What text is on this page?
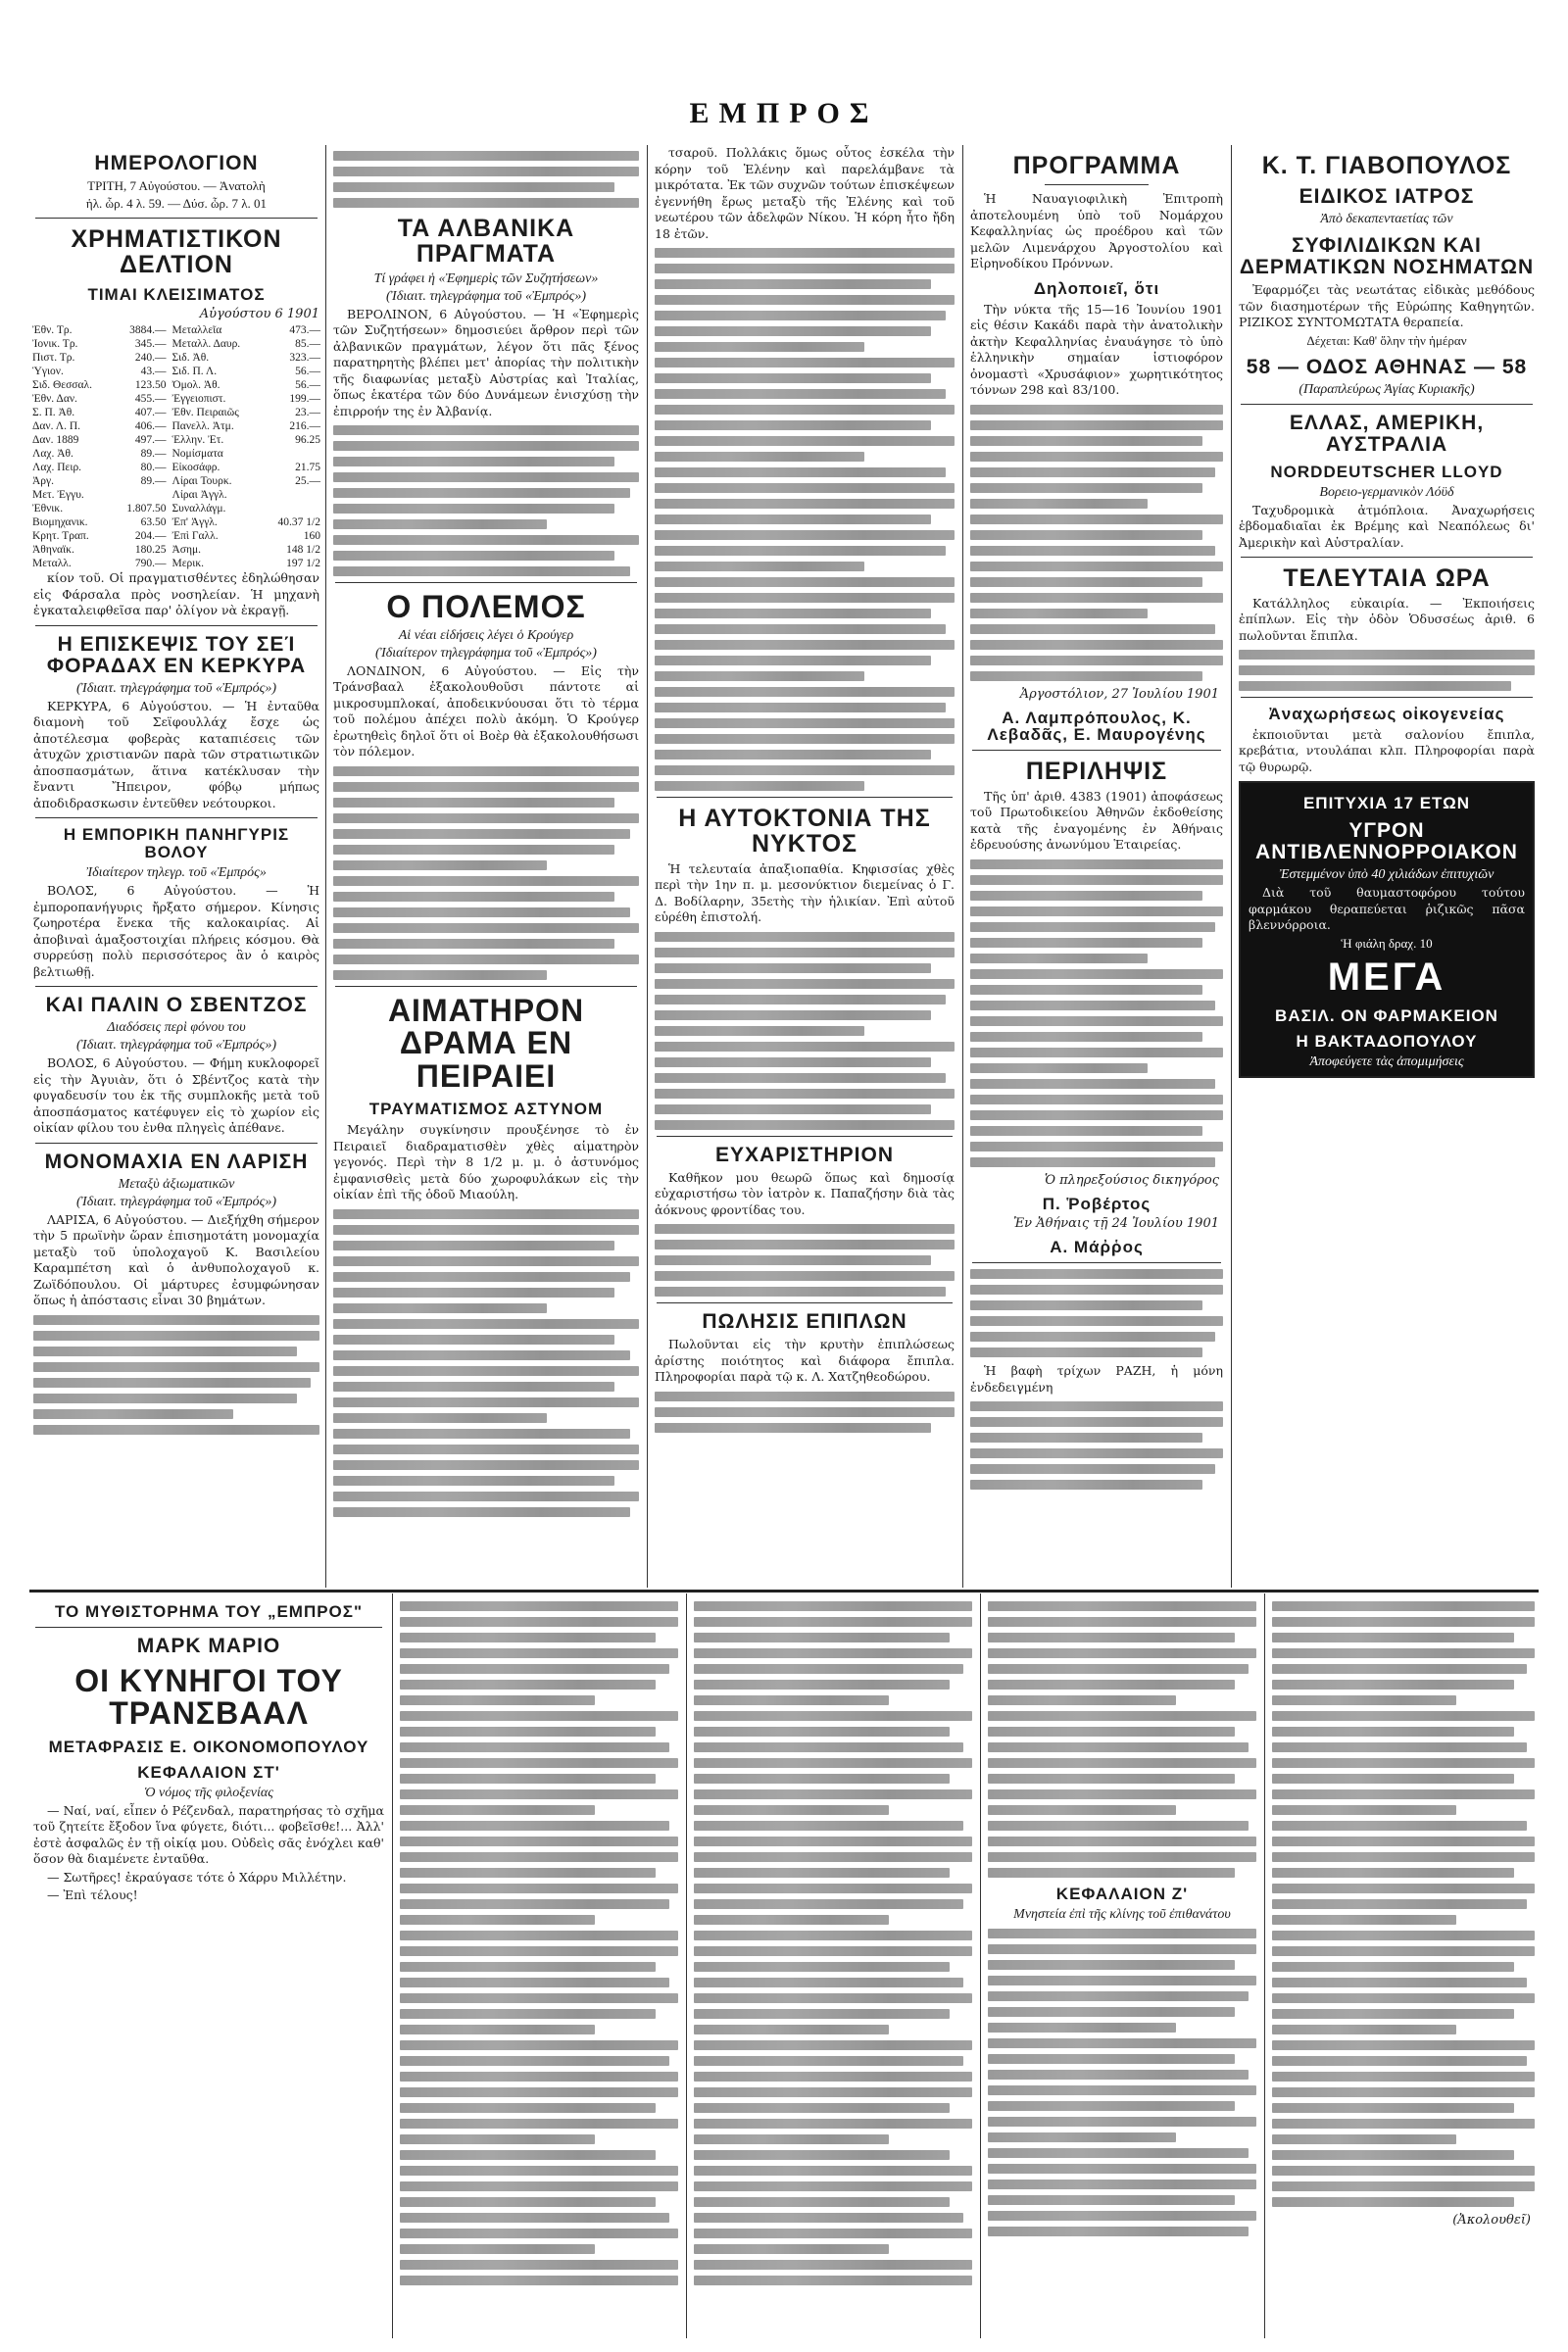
ΕΜΠΡΟΣ
ΗΜΕΡΟΛΟΓΙΟΝ
ΤΡΙΤΗ, 7 Αὐγούστου. — Ἀνατολὴ
ἡλ. ὧρ. 4 λ. 59. — Δύσ. ὧρ. 7 λ. 01
ΧΡΗΜΑΤΙΣΤΙΚΟΝ ΔΕΛΤΙΟΝ
ΤΙΜΑΙ ΚΛΕΙΣΙΜΑΤΟΣ
Αὐγούστου 6 1901
Ἐθν. Τρ.	3884.—	Μεταλλεῖα	473.—
Ἰονικ. Τρ.	345.—	Μεταλλ. Δαυρ.	85.—
Πιστ. Τρ.	240.—	Σιδ. Ἀθ.	323.—
Ὑγιον.	43.—	Σιδ. Π. Λ.	56.—
Σιδ. Θεσσαλ.	123.50	Ὀμολ. Ἀθ.	56.—
Ἐθν. Δαν.	455.—	Ἐγγειοπιστ.	199.—
Σ. Π. Ἀθ.	407.—	Ἐθν. Πειραιῶς	23.—
Δαν. Λ. Π.	406.—	Πανελλ. Ἀτμ.	216.—
Δαν. 1889	497.—	Ἑλλην. Ἐτ.	96.25
Λαχ. Ἀθ.	89.—	Νομίσματα	
Λαχ. Πειρ.	80.—	Εἰκοσάφρ.	21.75
Ἀργ.	89.—	Λίραι Τουρκ.	25.—
Μετ. Ἐγγυ.		Λίραι Ἀγγλ.	
Ἐθνικ.	1.807.50	Συναλλάγμ.	
Βιομηχανικ.	63.50	Ἐπ' Ἀγγλ.	40.37 1/2
Κρητ. Τραπ.	204.—	Ἐπὶ Γαλλ.	160
Ἀθηναϊκ.	180.25	Ἀσημ.	148 1/2
Μεταλλ.	790.—	Μερικ.	197 1/2

κίον τοῦ. Οἱ πραγματισθέντες ἐδηλώθησαν εἰς Φάρσαλα πρὸς νοσηλείαν. Ἡ μηχανὴ ἐγκαταλειφθεῖσα παρ' ὀλίγον νὰ ἐκραγῇ.

Η ΕΠΙΣΚΕΨΙΣ ΤΟΥ ΣΕΊ ΦΟΡΑΔΑΧ ΕΝ ΚΕΡΚΥΡΑ
(Ἰδιαιτ. τηλεγράφημα τοῦ «Ἐμπρός»)

ΚΕΡΚΥΡΑ, 6 Αὐγούστου. — Ἡ ἐνταῦθα διαμονὴ τοῦ Σεϊφουλλάχ ἔσχε ὡς ἀποτέλεσμα φοβερὰς καταπιέσεις τῶν ἀτυχῶν χριστιανῶν παρὰ τῶν στρατιωτικῶν ἀποσπασμάτων, ἅτινα κατέκλυσαν τὴν ἔναντι Ἤπειρον, φόβῳ μήπως ἀποδιδρασκωσιν ἐντεῦθεν νεότουρκοι.

Η ΕΜΠΟΡΙΚΗ ΠΑΝΗΓΥΡΙΣ ΒΟΛΟΥ
Ἰδιαίτερον τηλεγρ. τοῦ «Ἐμπρός»

ΒΟΛΟΣ, 6 Αὐγούστου. — Ἡ ἐμποροπανήγυρις ἤρξατο σήμερον. Κίνησις ζωηροτέρα ἕνεκα τῆς καλοκαιρίας. Αἱ ἀποβιναὶ ἁμαξοστοιχίαι πλήρεις κόσμου. Θὰ συρρεύσῃ πολὺ περισσότερος ἂν ὁ καιρὸς βελτιωθῇ.

ΚΑΙ ΠΑΛΙΝ Ο ΣΒΕΝΤΖΟΣ
Διαδόσεις περὶ φόνου του
(Ἰδιαιτ. τηλεγράφημα τοῦ «Ἐμπρός»)

ΒΟΛΟΣ, 6 Αὐγούστου. — Φήμη κυκλοφορεῖ εἰς τὴν Ἀγυιὰν, ὅτι ὁ Σβέντζος κατὰ τὴν φυγαδευσίν του ἐκ τῆς συμπλοκῆς μετὰ τοῦ ἀποσπάσματος κατέφυγεν εἰς τὸ χωρίον εἰς οἰκίαν φίλου του ἐνθα πληγεὶς ἀπέθανε.

ΜΟΝΟΜΑΧΙΑ ΕΝ ΛΑΡΙΣΗ
Μεταξὺ ἀξιωματικῶν
(Ἰδιαιτ. τηλεγράφημα τοῦ «Ἐμπρός»)

ΛΑΡΙΣΑ, 6 Αὐγούστου. — Διεξήχθη σήμερον τὴν 5 πρωϊνὴν ὥραν ἐπισημοτάτη μονομαχία μεταξὺ τοῦ ὑπολοχαγοῦ Κ. Βασιλείου Καραμπέτση καὶ ὁ ἀνθυπολοχαγοῦ κ. Ζωϊδόπουλου. Οἱ μάρτυρες ἐσυμφώνησαν ὅπως ἡ ἀπόστασις εἶναι 30 βημάτων.

ΤΑ ΑΛΒΑΝΙΚΑ ΠΡΑΓΜΑΤΑ
Τί γράφει ἡ «Ἐφημερὶς τῶν Συζητήσεων»
(Ἰδιαιτ. τηλεγράφημα τοῦ «Ἐμπρός»)

ΒΕΡΟΛΙΝΟΝ, 6 Αὐγούστου. — Ἡ «Ἐφημερὶς τῶν Συζητήσεων» δημοσιεύει ἄρθρον περὶ τῶν ἀλβανικῶν πραγμάτων, λέγον ὅτι πᾶς ξένος παρατηρητὴς βλέπει μετ' ἀπορίας τὴν πολιτικὴν τῆς διαφωνίας μεταξὺ Αὐστρίας καὶ Ἰταλίας, ὅπως ἑκατέρα τῶν δύο Δυνάμεων ἐνισχύσῃ τὴν ἐπιρροήν της ἐν Ἀλβανίᾳ.

Ο ΠΟΛΕΜΟΣ
Αἱ νέαι εἰδήσεις λέγει ὁ Κρούγερ
(Ἰδιαίτερον τηλεγράφημα τοῦ «Ἐμπρός»)

ΛΟΝΔΙΝΟΝ, 6 Αὐγούστου. — Εἰς τὴν Τράνσβααλ ἐξακολουθοῦσι πάντοτε αἱ μικροσυμπλοκαί, ἀποδεικνύουσαι ὅτι τὸ τέρμα τοῦ πολέμου ἀπέχει πολὺ ἀκόμη. Ὁ Κρούγερ ἐρωτηθεὶς δηλοῖ ὅτι οἱ Βοὲρ θὰ ἐξακολουθήσωσι τὸν πόλεμον.

ΑΙΜΑΤΗΡΟΝ ΔΡΑΜΑ ΕΝ ΠΕΙΡΑΙΕΙ
ΤΡΑΥΜΑΤΙΣΜΟΣ ΑΣΤΥΝΟΜ

Μεγάλην συγκίνησιν προυξένησε τὸ ἐν Πειραιεῖ διαδραματισθὲν χθὲς αἱματηρὸν γεγονός. Περὶ τὴν 8 1/2 μ. μ. ὁ ἀστυνόμος ἐμφανισθεὶς μετὰ δύο χωροφυλάκων εἰς τὴν οἰκίαν ἐπὶ τῆς ὁδοῦ Μιαούλη.

τσαροῦ. Πολλάκις ὅμως οὗτος ἐσκέλα τὴν κόρην τοῦ Ἑλένην καὶ παρελάμβανε τὰ μικρότατα. Ἐκ τῶν συχνῶν τούτων ἐπισκέψεων ἐγεννήθη ἔρως μεταξὺ τῆς Ἑλένης καὶ τοῦ νεωτέρου τῶν ἀδελφῶν Νίκου. Ἡ κόρη ἦτο ἤδη 18 ἐτῶν.

Η ΑΥΤΟΚΤΟΝΙΑ ΤΗΣ ΝΥΚΤΟΣ

Ἡ τελευταία ἀπαξιοπαθία. Κηφισσίας χθὲς περὶ τὴν 1ην π. μ. μεσονύκτιον διεμείνας ὁ Γ. Δ. Βοδίλαρην, 35ετὴς τὴν ἡλικίαν. Ἐπὶ αὐτοῦ εὑρέθη ἐπιστολή.

ΕΥΧΑΡΙΣΤΗΡΙΟΝ

Καθῆκον μου θεωρῶ ὅπως καὶ δημοσίᾳ εὐχαριστήσω τὸν ἰατρὸν κ. Παπαζήσην διὰ τὰς ἀόκνους φροντίδας του.

ΠΩΛΗΣΙΣ ΕΠΙΠΛΩΝ

Πωλοῦνται εἰς τὴν κρυτὴν ἐπιπλώσεως ἀρίστης ποιότητος καὶ διάφορα ἔπιπλα. Πληροφορίαι παρὰ τῷ κ. Λ. Χατζηθεοδώρου.

ΠΡΟΓΡΑΜΜΑ

Ἡ Ναυαγιοφιλικὴ Ἐπιτροπὴ ἀποτελουμένη ὑπὸ τοῦ Νομάρχου Κεφαλληνίας ὡς προέδρου καὶ τῶν μελῶν Λιμενάρχου Ἀργοστολίου καὶ Εἰρηνοδίκου Πρόννων.

Δηλοποιεῖ, ὅτι

Τὴν νύκτα τῆς 15—16 Ἰουνίου 1901 εἰς θέσιν Κακάδι παρὰ τὴν ἀνατολικὴν ἀκτὴν Κεφαλληνίας ἐναυάγησε τὸ ὑπὸ ἑλληνικὴν σημαίαν ἱστιοφόρον ὀνομαστὶ «Χρυσάφιον» χωρητικότητος τόννων 298 καὶ 83/100.

Ἀργοστόλιον, 27 Ἰουλίου 1901
Α. Λαμπρόπουλος, Κ. Λεβαδᾶς, Ε. Μαυρογένης
ΠΕΡΙΛΗΨΙΣ

Τῆς ὑπ' ἀριθ. 4383 (1901) ἀποφάσεως τοῦ Πρωτοδικείου Ἀθηνῶν ἐκδοθείσης κατὰ τῆς ἐναγομένης ἐν Ἀθήναις ἐδρευούσης ἀνωνύμου Ἑταιρείας.

Ὁ πληρεξούσιος δικηγόρος
Π. Ῥοβέρτος
Ἐν Ἀθήναις τῇ 24 Ἰουλίου 1901
Α. Μάῤῥος

Ἡ βαφὴ τρίχων ΡΑΖΗ, ἡ μόνη ἐνδεδειγμένη

Κ. Τ. ΓΙΑΒΟΠΟΥΛΟΣ
ΕΙΔΙΚΟΣ ΙΑΤΡΟΣ
Ἀπὸ δεκαπενταετίας τῶν
ΣΥΦΙΛΙΔΙΚΩΝ ΚΑΙ ΔΕΡΜΑΤΙΚΩΝ ΝΟΣΗΜΑΤΩΝ

Ἐφαρμόζει τὰς νεωτάτας εἰδικὰς μεθόδους τῶν διασημοτέρων τῆς Εὐρώπης Καθηγητῶν. ΡΙΖΙΚΟΣ ΣΥΝΤΟΜΩΤΑΤΑ θεραπεία.

Δέχεται: Καθ' ὅλην τὴν ἡμέραν
58 — ΟΔΟΣ ΑΘΗΝΑΣ — 58
(Παραπλεύρως Ἁγίας Κυριακῆς)
ΕΛΛΑΣ, ΑΜΕΡΙΚΗ, ΑΥΣΤΡΑΛΙΑ
NORDDEUTSCHER LLOYD
Βορειο-γερμανικὸν Λόϋδ

Ταχυδρομικὰ ἀτμόπλοια. Ἀναχωρήσεις ἑβδομαδιαῖαι ἐκ Βρέμης καὶ Νεαπόλεως δι' Ἀμερικὴν καὶ Αὐστραλίαν.

ΤΕΛΕΥΤΑΙΑ ΩΡΑ

Κατάλληλος εὐκαιρία. — Ἐκποιήσεις ἐπίπλων. Εἰς τὴν ὁδὸν Ὁδυσσέως ἀριθ. 6 πωλοῦνται ἔπιπλα.

Ἀναχωρήσεως οἰκογενείας

ἐκποιοῦνται μετὰ σαλονίου ἔπιπλα, κρεβάτια, ντουλάπαι κλπ. Πληροφορίαι παρὰ τῷ θυρωρῷ.

ΕΠΙΤΥΧΙΑ 17 ΕΤΩΝ
ΥΓΡΟΝ ΑΝΤΙΒΛΕΝΝΟΡΡΟΙΑΚΟΝ
Ἐστεμμένον ὑπὸ 40 χιλιάδων ἐπιτυχιῶν

Διὰ τοῦ θαυμαστοφόρου τούτου φαρμάκου θεραπεύεται ῥιζικῶς πᾶσα βλεννόρροια.

Ἡ φιάλη δραχ. 10
ΜΕΓΑ
ΒΑΣΙΛ. ΟΝ ΦΑΡΜΑΚΕΙΟΝ
Η ΒΑΚΤΑΔΟΠΟΥΛΟΥ
Ἀποφεύγετε τὰς ἀπομιμήσεις
ΤΟ ΜΥΘΙΣΤΟΡΗΜΑ ΤΟΥ „ΕΜΠΡΟΣ"
ΜΑΡΚ ΜΑΡΙΟ
ΟΙ ΚΥΝΗΓΟΙ ΤΟΥ ΤΡΑΝΣΒΑΑΛ
ΜΕΤΑΦΡΑΣΙΣ Ε. ΟΙΚΟΝΟΜΟΠΟΥΛΟΥ
ΚΕΦΑΛΑΙΟΝ ΣΤ'
Ὁ νόμος τῆς φιλοξενίας

— Ναί, ναί, εἶπεν ὁ Ρέζενδαλ, παρατηρήσας τὸ σχῆμα τοῦ ζητείτε ἔξοδον ἵνα φύγετε, διότι... φοβεῖσθε!... Ἀλλ' ἐστὲ ἀσφαλῶς ἐν τῇ οἰκίᾳ μου. Οὐδεὶς σᾶς ἐνόχλει καθ' ὅσον θὰ διαμένετε ἐνταῦθα.

— Σωτῆρες! ἐκραύγασε τότε ὁ Χάρρυ Μιλλέτην.

— Ἐπὶ τέλους!	ΚΕΦΑΛΑΙΟΝ Ζ'
Μνηστεία ἐπὶ τῆς κλίνης τοῦ ἐπιθανάτου
(Ἀκολουθεῖ)
